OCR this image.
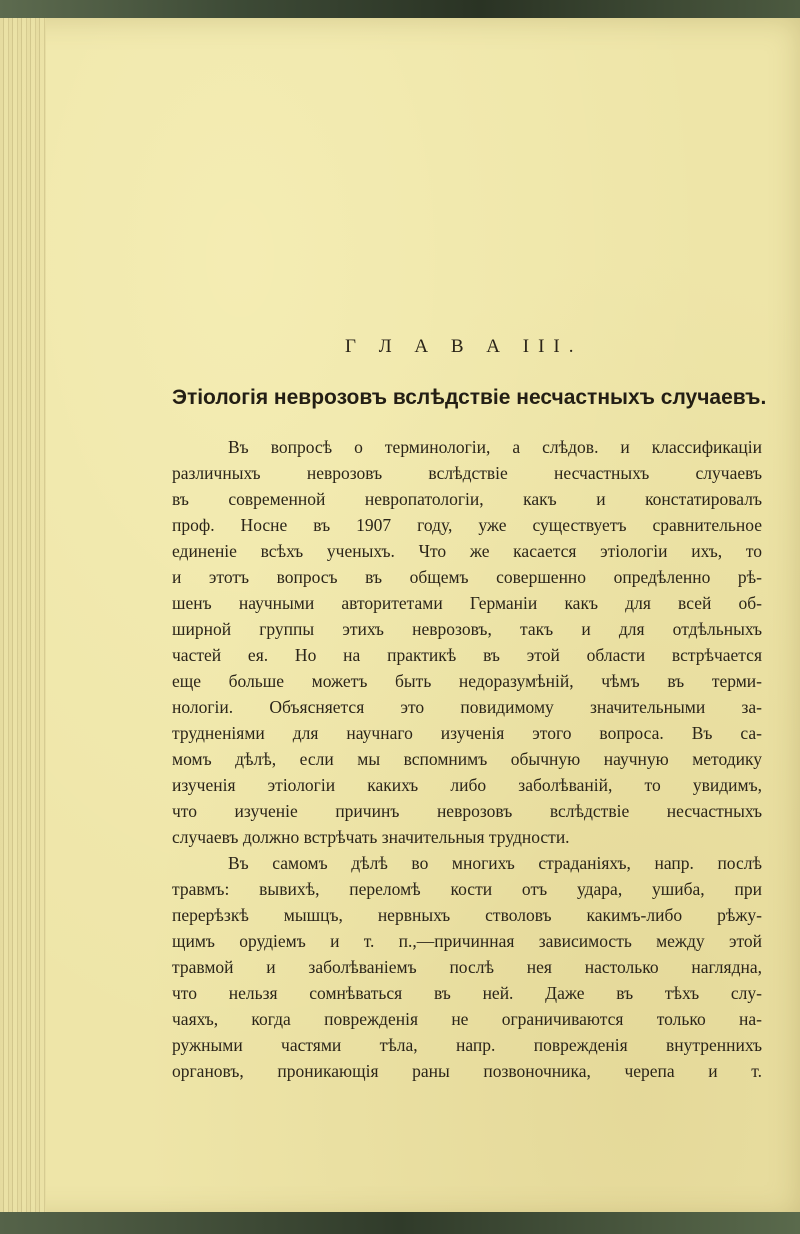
Г Л А В А III.
Этіологія неврозовъ вслѣдствіе несчастныхъ случаевъ.
Въ вопросѣ о терминологіи, а слѣдов. и классификаціи
различныхъ неврозовъ вслѣдствіе несчастныхъ случаевъ
въ современной невропатологіи, какъ и констатировалъ
проф. Носне въ 1907 году, уже существуетъ сравнительное
единеніе всѣхъ ученыхъ. Что же касается этіологіи ихъ, то
и этотъ вопросъ въ общемъ совершенно опредѣленно рѣ-
шенъ научными авторитетами Германіи какъ для всей об-
ширной группы этихъ неврозовъ, такъ и для отдѣльныхъ
частей ея. Но на практикѣ въ этой области встрѣчается
еще больше можетъ быть недоразумѣній, чѣмъ въ терми-
нологіи. Объясняется это повидимому значительными за-
трудненіями для научнаго изученія этого вопроса. Въ са-
момъ дѣлѣ, если мы вспомнимъ обычную научную методику
изученія этіологіи какихъ либо заболѣваній, то увидимъ,
что изученіе причинъ неврозовъ вслѣдствіе несчастныхъ
случаевъ должно встрѣчать значительныя трудности.
Въ самомъ дѣлѣ во многихъ страданіяхъ, напр. послѣ
травмъ: вывихѣ, переломѣ кости отъ удара, ушиба, при
перерѣзкѣ мышцъ, нервныхъ стволовъ какимъ-либо рѣжу-
щимъ орудіемъ и т. п.,—причинная зависимость между этой
травмой и заболѣваніемъ послѣ нея настолько наглядна,
что нельзя сомнѣваться въ ней. Даже въ тѣхъ слу-
чаяхъ, когда поврежденія не ограничиваются только на-
ружными частями тѣла, напр. поврежденія внутреннихъ
органовъ, проникающія раны позвоночника, черепа и т.
